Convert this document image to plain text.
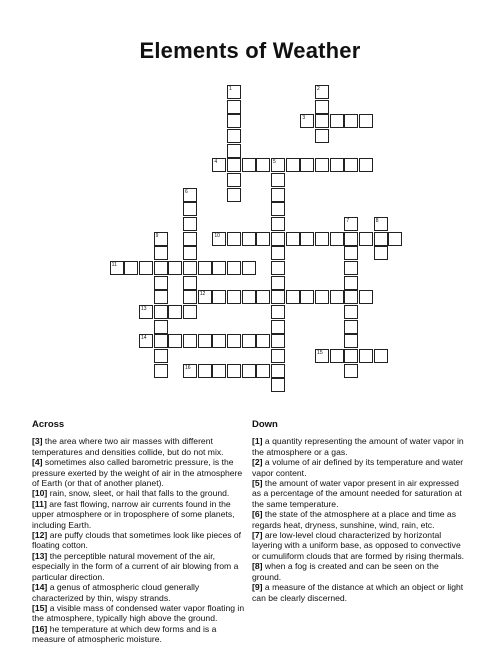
Elements of Weather
1	2
3
4	5
6
7	8
9	10
11
12
13
14
15
16
Across

[3] the area where two air masses with different temperatures and densities collide, but do not mix.

[4] sometimes also called barometric pressure, is the pressure exerted by the weight of air in the atmosphere of Earth (or that of another planet).

[10] rain, snow, sleet, or hail that falls to the ground.

[11] are fast flowing, narrow air currents found in the upper atmosphere or in troposphere of some planets, including Earth.

[12] are puffy clouds that sometimes look like pieces of floating cotton.

[13] the perceptible natural movement of the air, especially in the form of a current of air blowing from a particular direction.

[14] a genus of atmospheric cloud generally characterized by thin, wispy strands.

[15] a visible mass of condensed water vapor floating in the atmosphere, typically high above the ground.

[16] he temperature at which dew forms and is a measure of atmospheric moisture.

Down

[1] a quantity representing the amount of water vapor in the atmosphere or a gas.

[2] a volume of air defined by its temperature and water vapor content.

[5] the amount of water vapor present in air expressed as a percentage of the amount needed for saturation at the same temperature.

[6] the state of the atmosphere at a place and time as regards heat, dryness, sunshine, wind, rain, etc.

[7] are low-level cloud characterized by horizontal layering with a uniform base, as opposed to convective or cumuliform clouds that are formed by rising thermals.

[8] when a fog is created and can be seen on the ground.

[9] a measure of the distance at which an object or light can be clearly discerned.
